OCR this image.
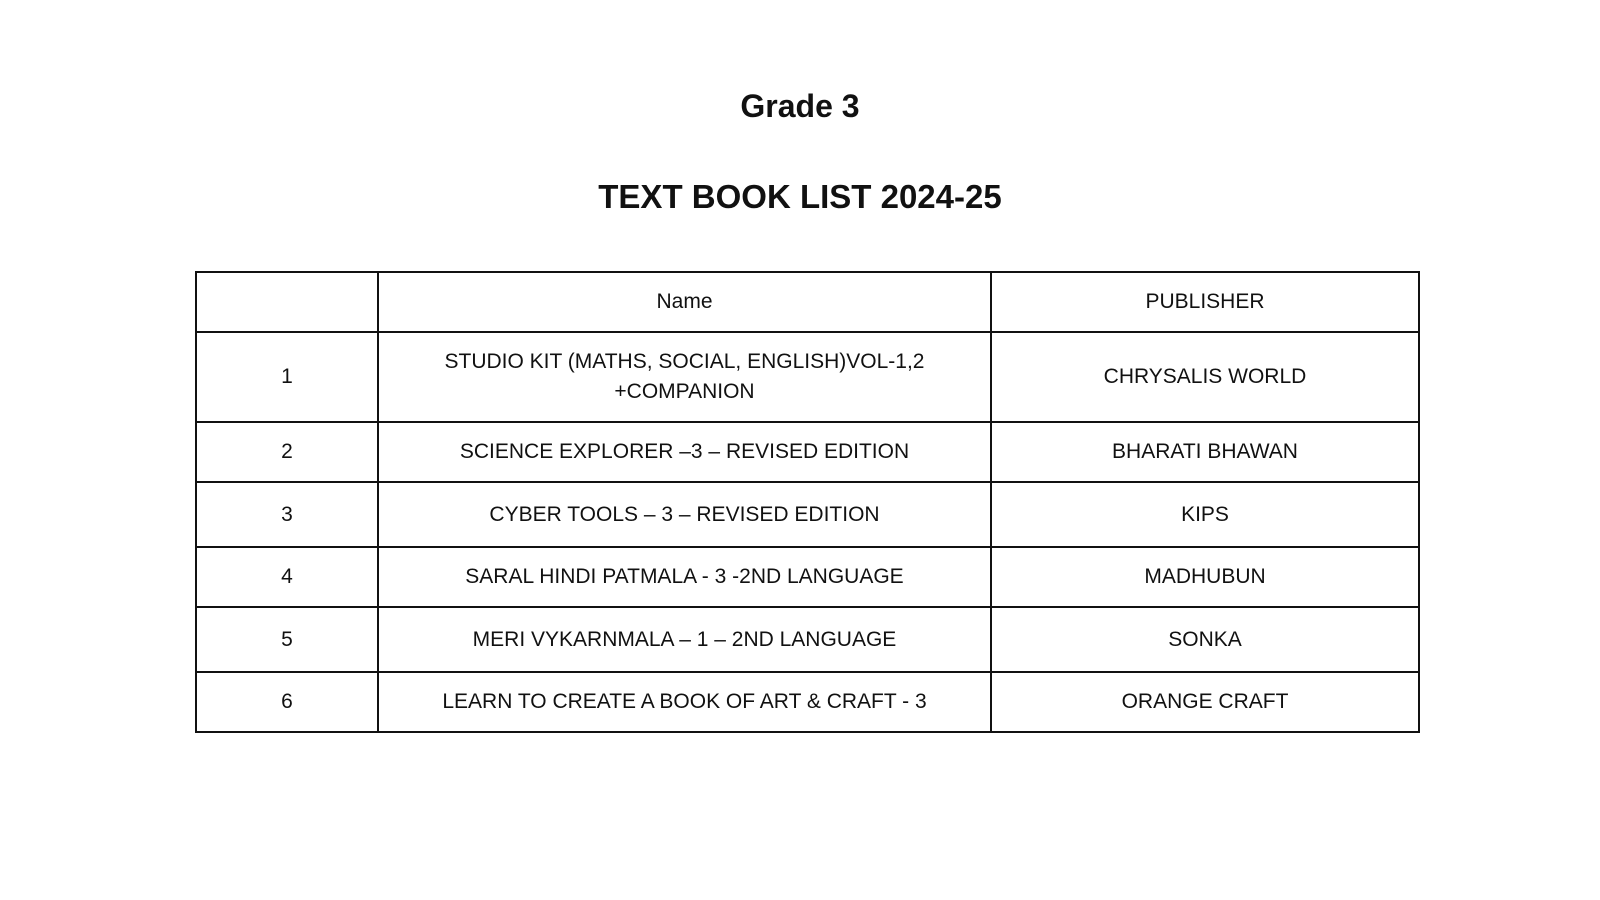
Grade 3
TEXT BOOK LIST 2024-25
	Name	PUBLISHER
1	STUDIO KIT (MATHS, SOCIAL, ENGLISH)VOL-1,2 +COMPANION	CHRYSALIS WORLD
2	SCIENCE EXPLORER –3 – REVISED EDITION	BHARATI BHAWAN
3	CYBER TOOLS – 3 – REVISED EDITION	KIPS
4	SARAL HINDI PATMALA - 3 -2ND LANGUAGE	MADHUBUN
5	MERI VYKARNMALA – 1 – 2ND LANGUAGE	SONKA
6	LEARN TO CREATE A BOOK OF ART & CRAFT - 3	ORANGE CRAFT
